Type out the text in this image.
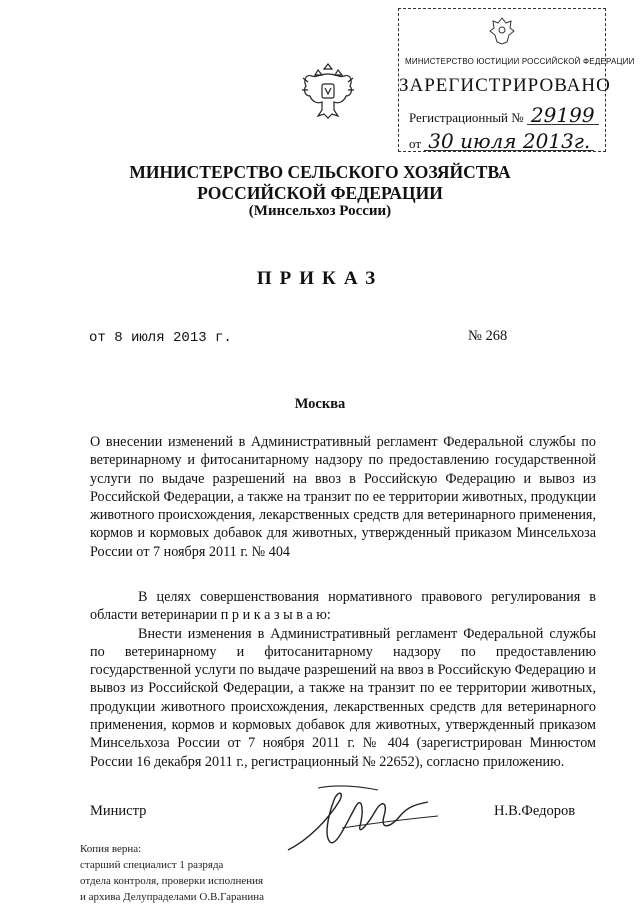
МИНИСТЕРСТВО ЮСТИЦИИ РОССИЙСКОЙ ФЕДЕРАЦИИ
ЗАРЕГИСТРИРОВАНО
Регистрационный № 29199
от 30 июля 2013г.
МИНИСТЕРСТВО СЕЛЬСКОГО ХОЗЯЙСТВА
РОССИЙСКОЙ ФЕДЕРАЦИИ
(Минсельхоз России)
ПРИКАЗ
от 8 июля 2013 г.	№ 268
Москва

О внесении изменений в Административный регламент Федеральной службы по ветеринарному и фитосанитарному надзору по предоставлению государственной услуги по выдаче разрешений на ввоз в Российскую Федерацию и вывоз из Российской Федерации, а также на транзит по ее территории животных, продукции животного происхождения, лекарственных средств для ветеринарного применения, кормов и кормовых добавок для животных, утвержденный приказом Минсельхоза России от 7 ноября 2011 г. № 404

В целях совершенствования нормативного правового регулирования в области ветеринарии п р и к а з ы в а ю:

Внести изменения в Административный регламент Федеральной службы по ветеринарному и фитосанитарному надзору по предоставлению государственной услуги по выдаче разрешений на ввоз в Российскую Федерацию и вывоз из Российской Федерации, а также на транзит по ее территории животных, продукции животного происхождения, лекарственных средств для ветеринарного применения, кормов и кормовых добавок для животных, утвержденный приказом Минсельхоза России от 7 ноября 2011 г. № 404 (зарегистрирован Минюстом России 16 декабря 2011 г., регистрационный № 22652), согласно приложению.

Министр	Н.В.Федоров
Копия верна:
старший специалист 1 разряда
отдела контроля, проверки исполнения
и архива Делупраделами О.В.Гаранина
